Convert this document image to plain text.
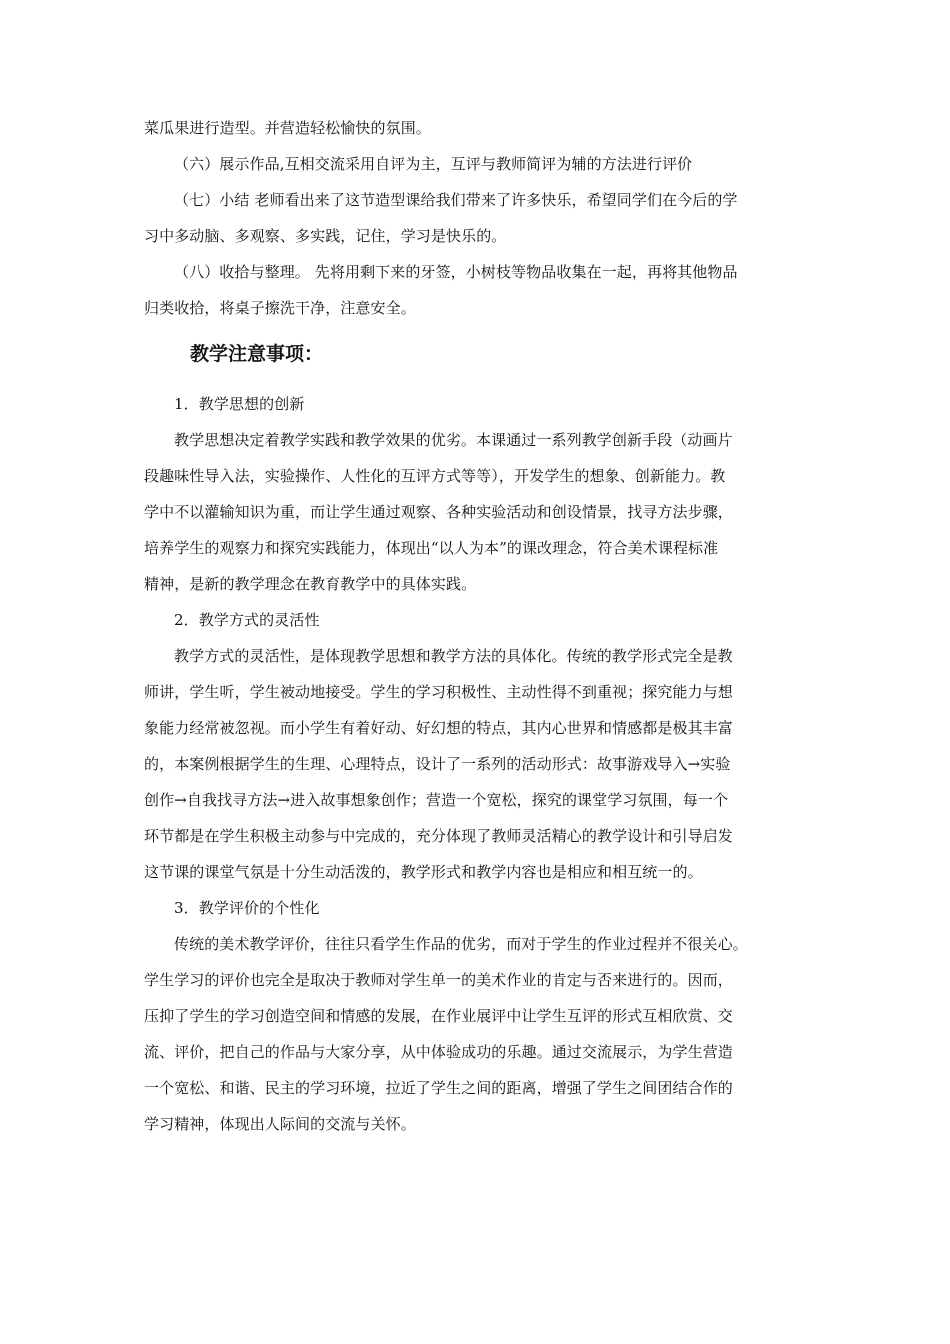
菜瓜果进行造型。并营造轻松愉快的氛围。

（六）展示作品,互相交流采用自评为主，互评与教师简评为辅的方法进行评价

（七）小结 老师看出来了这节造型课给我们带来了许多快乐，希望同学们在今后的学

习中多动脑、多观察、多实践，记住，学习是快乐的。

（八）收拾与整理。 先将用剩下来的牙签，小树枝等物品收集在一起，再将其他物品

归类收拾，将桌子擦洗干净，注意安全。

教学注意事项：

1．教学思想的创新

教学思想决定着教学实践和教学效果的优劣。本课通过一系列教学创新手段（动画片

段趣味性导入法，实验操作、人性化的互评方式等等），开发学生的想象、创新能力。教

学中不以灌输知识为重，而让学生通过观察、各种实验活动和创设情景，找寻方法步骤，

培养学生的观察力和探究实践能力，体现出“以人为本”的课改理念，符合美术课程标准

精神，是新的教学理念在教育教学中的具体实践。

2．教学方式的灵活性

教学方式的灵活性，是体现教学思想和教学方法的具体化。传统的教学形式完全是教

师讲，学生听，学生被动地接受。学生的学习积极性、主动性得不到重视；探究能力与想

象能力经常被忽视。而小学生有着好动、好幻想的特点，其内心世界和情感都是极其丰富

的，本案例根据学生的生理、心理特点，设计了一系列的活动形式：故事游戏导入→实验

创作→自我找寻方法→进入故事想象创作；营造一个宽松，探究的课堂学习氛围，每一个

环节都是在学生积极主动参与中完成的，充分体现了教师灵活精心的教学设计和引导启发

这节课的课堂气氛是十分生动活泼的，教学形式和教学内容也是相应和相互统一的。

3．教学评价的个性化

传统的美术教学评价，往往只看学生作品的优劣，而对于学生的作业过程并不很关心。

学生学习的评价也完全是取决于教师对学生单一的美术作业的肯定与否来进行的。因而，

压抑了学生的学习创造空间和情感的发展，在作业展评中让学生互评的形式互相欣赏、交

流、评价，把自己的作品与大家分享，从中体验成功的乐趣。通过交流展示，为学生营造

一个宽松、和谐、民主的学习环境，拉近了学生之间的距离，增强了学生之间团结合作的

学习精神，体现出人际间的交流与关怀。
